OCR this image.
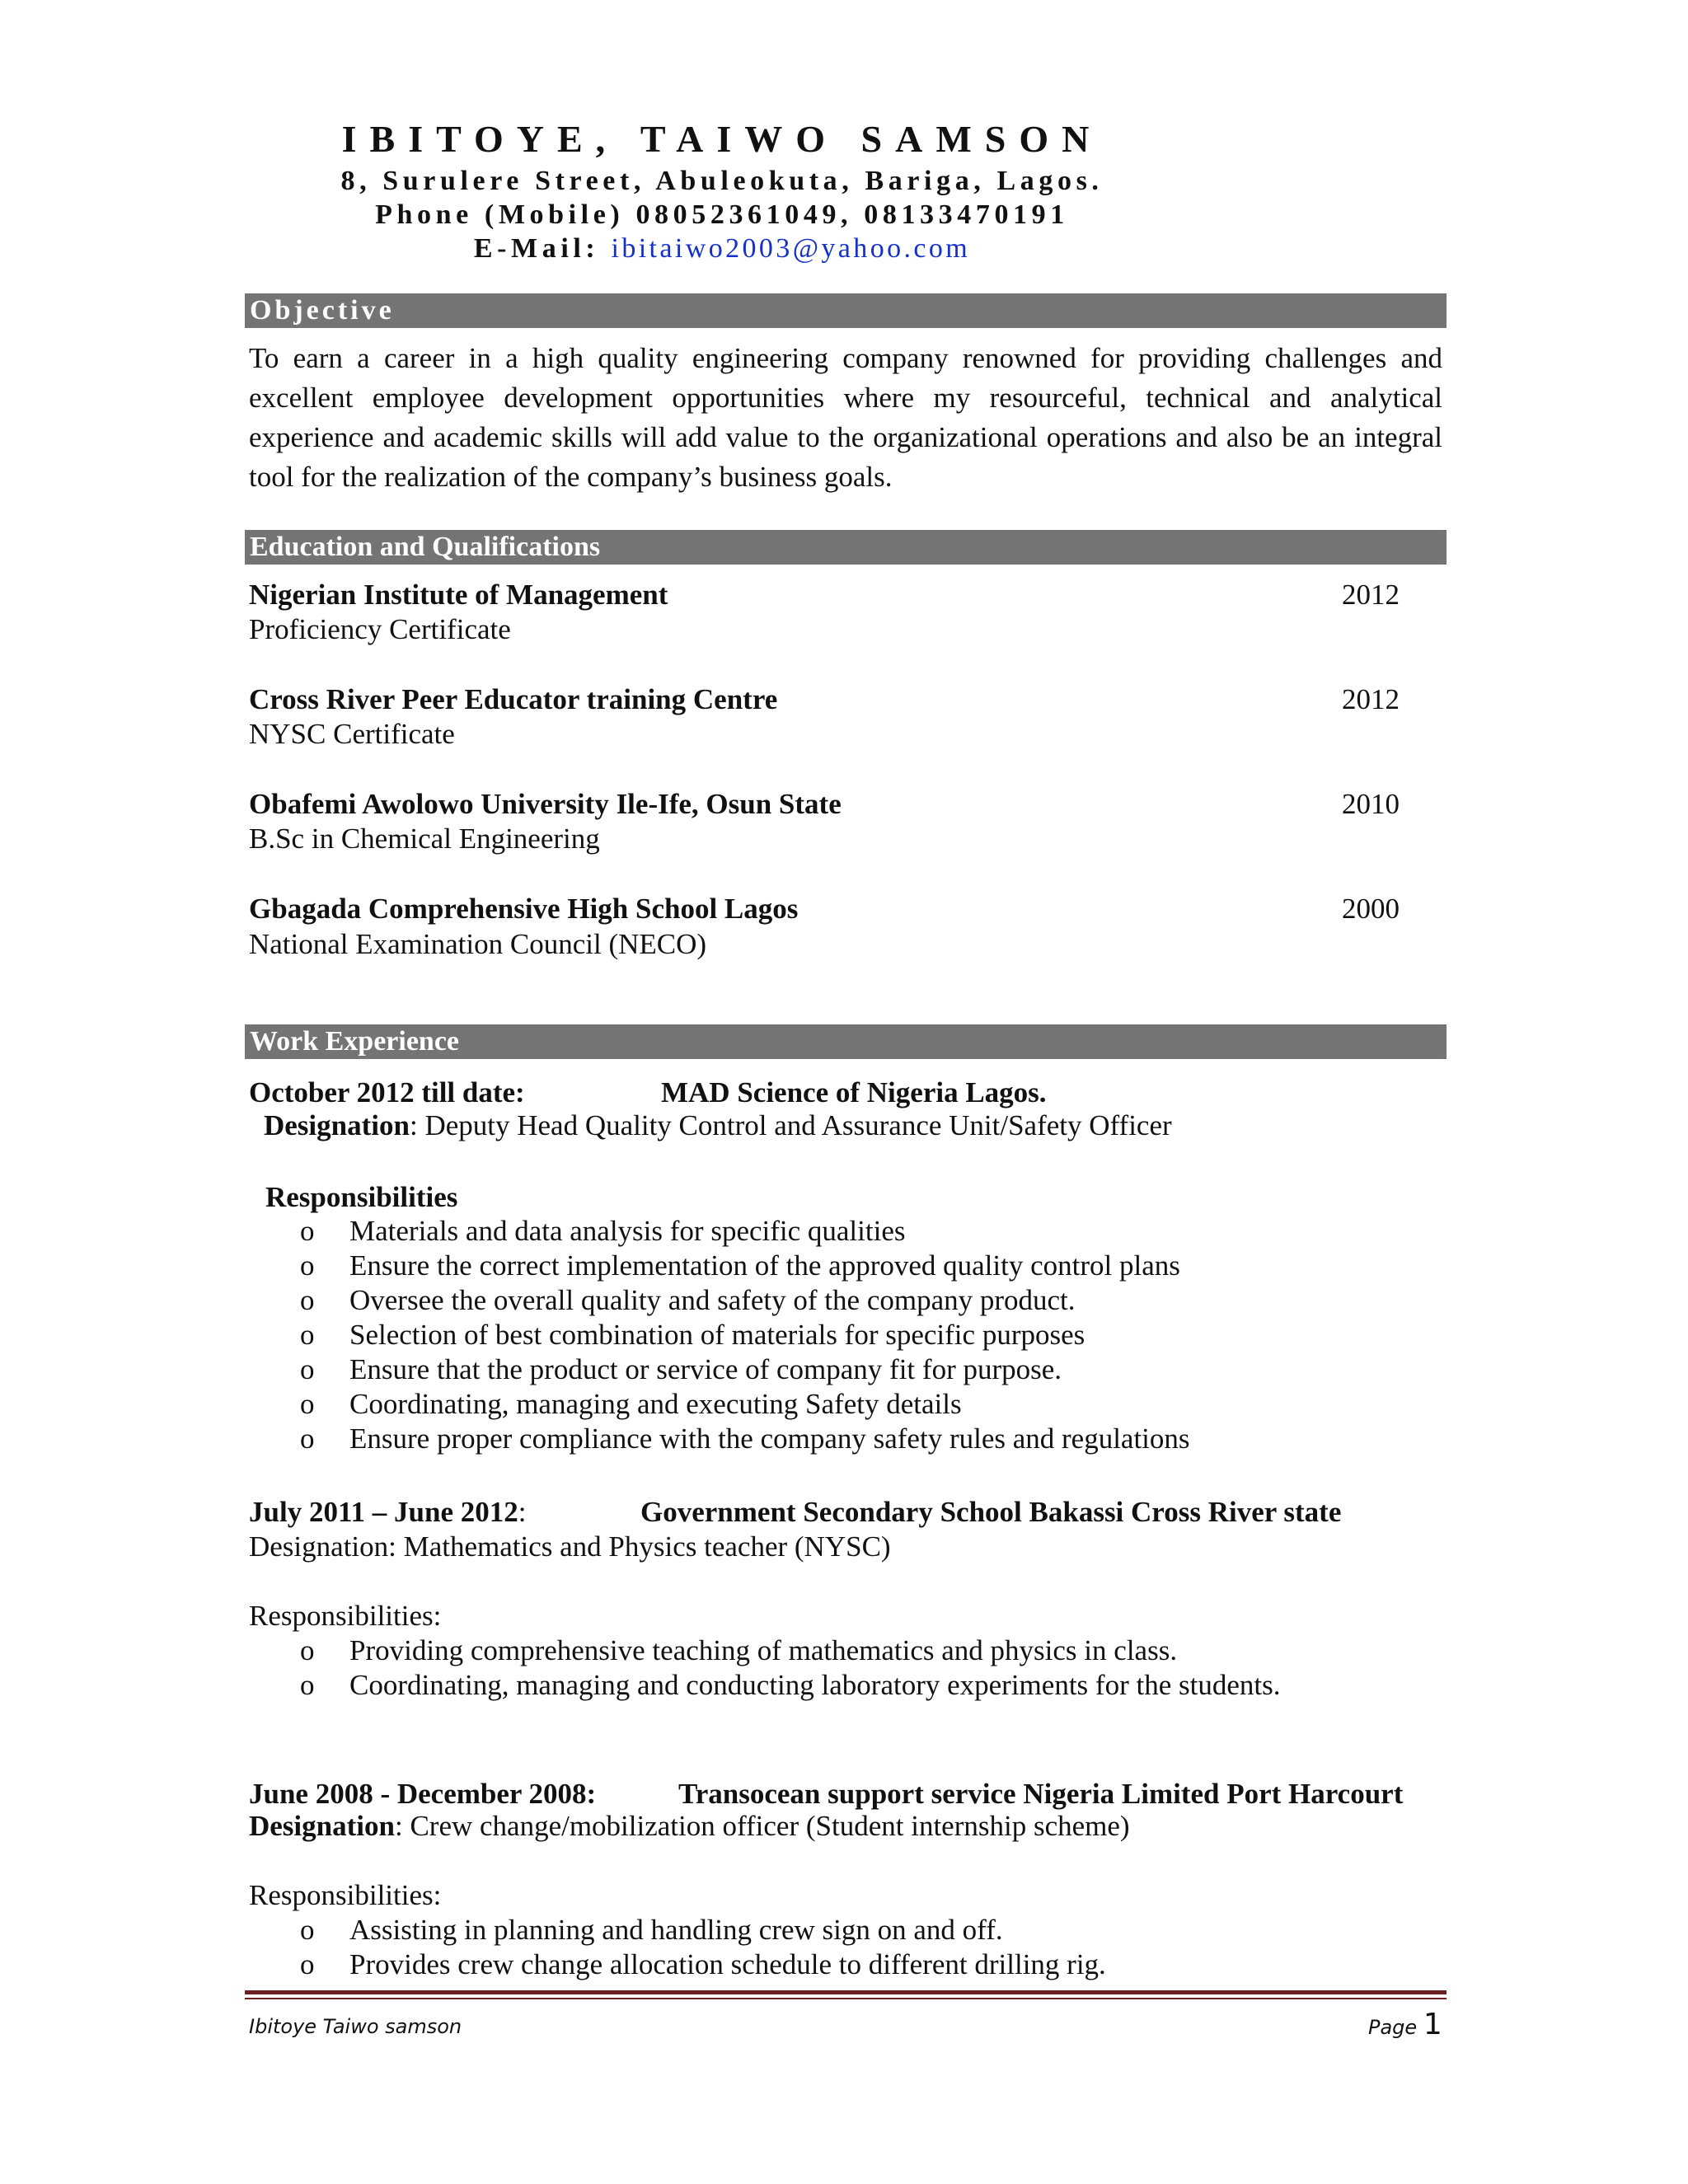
IBITOYE, TAIWO SAMSON
8, Surulere Street, Abuleokuta, Bariga, Lagos.
Phone (Mobile) 08052361049, 08133470191
E-Mail: ibitaiwo2003@yahoo.com
Objective
To earn a career in a high quality engineering company renowned for providing challenges and excellent employee development opportunities where my resourceful, technical and analytical experience and academic skills will add value to the organizational operations and also be an integral tool for the realization of the company’s business goals.
Education and Qualifications
Nigerian Institute of Management	2012
Proficiency Certificate
Cross River Peer Educator training Centre	2012
NYSC Certificate
Obafemi Awolowo University Ile-Ife, Osun State	2010
B.Sc in Chemical Engineering
Gbagada Comprehensive High School Lagos	2000
National Examination Council (NECO)
Work Experience
October 2012 till date:	MAD Science of Nigeria Lagos.
Designation: Deputy Head Quality Control and Assurance Unit/Safety Officer
Responsibilities
o Materials and data analysis for specific qualities
o Ensure the correct implementation of the approved quality control plans
o Oversee the overall quality and safety of the company product.
o Selection of best combination of materials for specific purposes
o Ensure that the product or service of company fit for purpose.
o Coordinating, managing and executing Safety details
o Ensure proper compliance with the company safety rules and regulations
July 2011 – June 2012:	Government Secondary School Bakassi Cross River state
Designation: Mathematics and Physics teacher (NYSC)
Responsibilities:
o Providing comprehensive teaching of mathematics and physics in class.
o Coordinating, managing and conducting laboratory experiments for the students.
June 2008 - December 2008:	Transocean support service Nigeria Limited Port Harcourt
Designation: Crew change/mobilization officer (Student internship scheme)
Responsibilities:
o Assisting in planning and handling crew sign on and off.
o Provides crew change allocation schedule to different drilling rig.
Ibitoye Taiwo samson	Page 1
